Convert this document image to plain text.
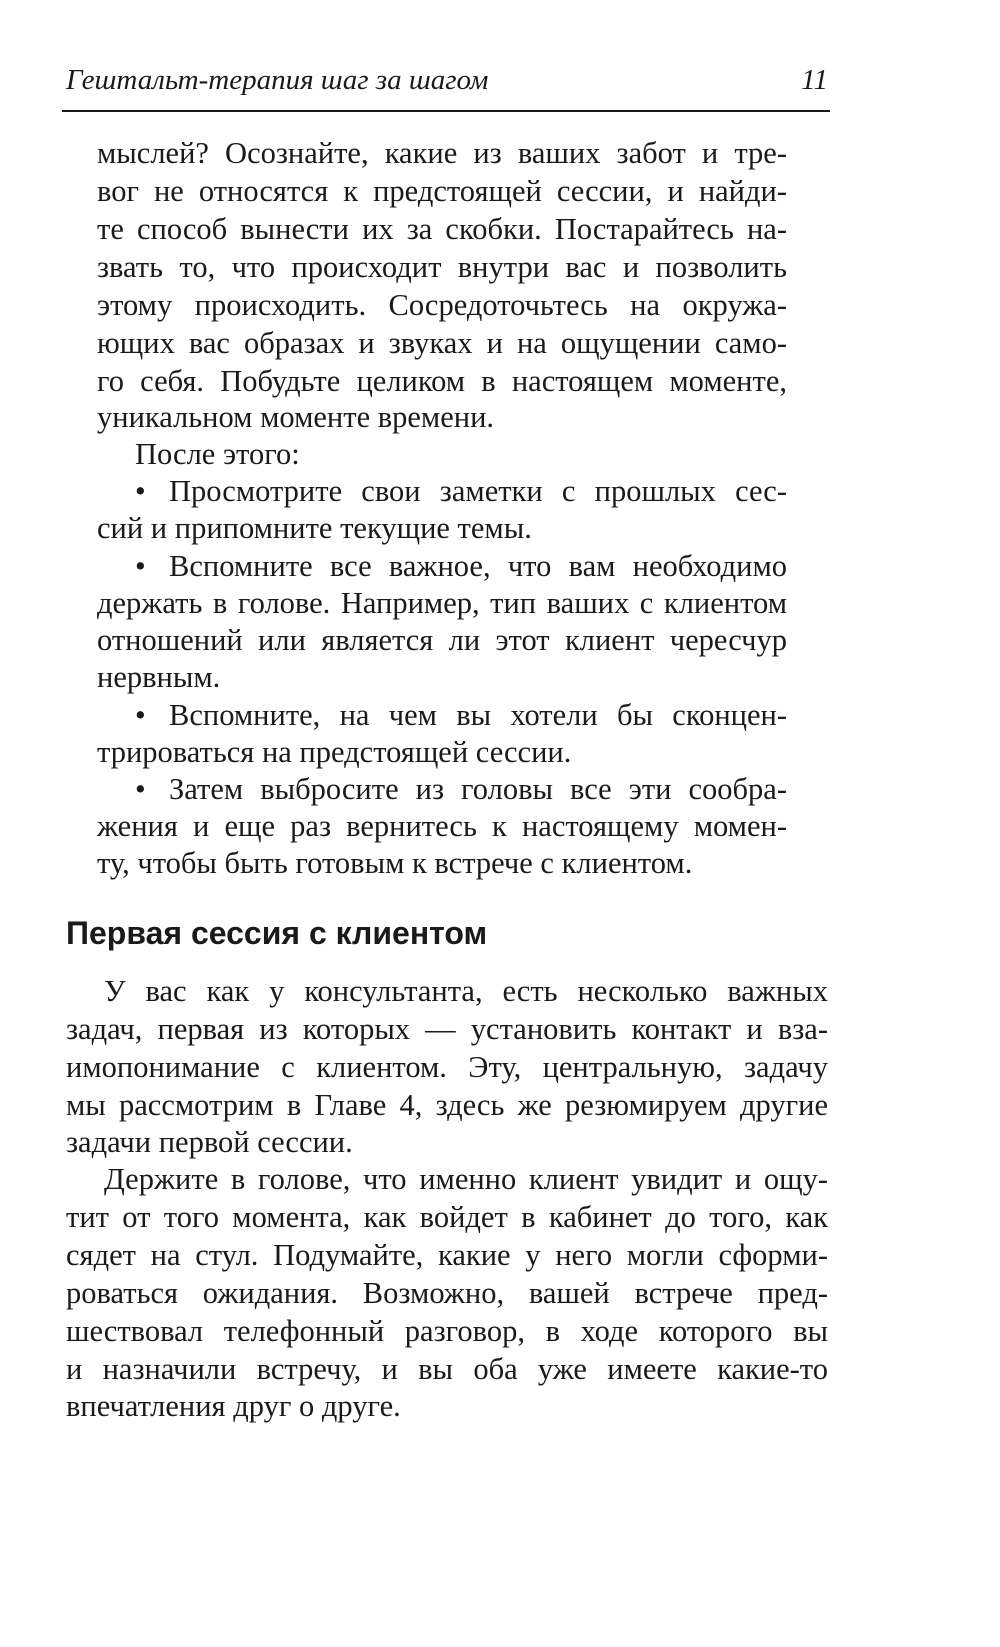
Гештальт-терапия шаг за шагом	11
мыслей? Осознайте, какие из ваших забот и тре-
вог не относятся к предстоящей сессии, и найди-
те способ вынести их за скобки. Постарайтесь на-
звать то, что происходит внутри вас и позволить
этому происходить. Сосредоточьтесь на окружа-
ющих вас образах и звуках и на ощущении само-
го себя. Побудьте целиком в настоящем моменте,
уникальном моменте времени.
После этого:
• Просмотрите свои заметки с прошлых сес-
сий и припомните текущие темы.
• Вспомните все важное, что вам необходимо
держать в голове. Например, тип ваших с клиентом
отношений или является ли этот клиент чересчур
нервным.
• Вспомните, на чем вы хотели бы сконцен-
трироваться на предстоящей сессии.
• Затем выбросите из головы все эти сообра-
жения и еще раз вернитесь к настоящему момен-
ту, чтобы быть готовым к встрече с клиентом.
Первая сессия с клиентом
У вас как у консультанта, есть несколько важных
задач, первая из которых — установить контакт и вза-
имопонимание с клиентом. Эту, центральную, задачу
мы рассмотрим в Главе 4, здесь же резюмируем другие
задачи первой сессии.
Держите в голове, что именно клиент увидит и ощу-
тит от того момента, как войдет в кабинет до того, как
сядет на стул. Подумайте, какие у него могли сформи-
роваться ожидания. Возможно, вашей встрече пред-
шествовал телефонный разговор, в ходе которого вы
и назначили встречу, и вы оба уже имеете какие-то
впечатления друг о друге.
